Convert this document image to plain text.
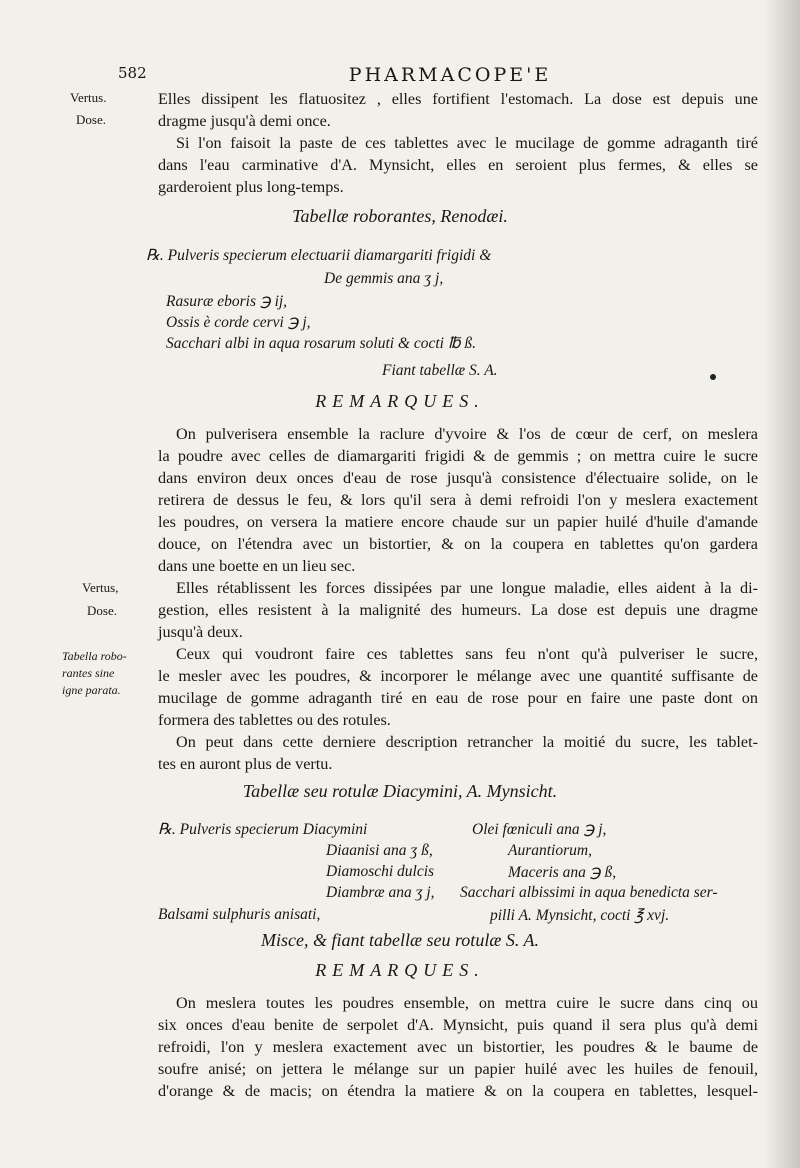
582	PHARMACOPE'E
Vertus.
Dose.
Vertus,
Dose.
Tabella robo-
rantes sine
igne parata.
Elles dissipent les flatuositez , elles fortifient l'estomach. La dose est depuis une
dragme jusqu'à demi once.
Si l'on faisoit la paste de ces tablettes avec le mucilage de gomme adraganth tiré
dans l'eau carminative d'A. Mynsicht, elles en seroient plus fermes, & elles se
garderoient plus long-temps.
Tabellæ roborantes, Renodæi.
℞. Pulveris specierum electuarii diamargariti frigidi &
De gemmis ana ʒ j,
Rasuræ eboris ℈ ij,
Ossis è corde cervi ℈ j,
Sacchari albi in aqua rosarum soluti & cocti ℔ ß.
Fiant tabellæ S. A.
REMARQUES.
On pulverisera ensemble la raclure d'yvoire & l'os de cœur de cerf, on meslera
la poudre avec celles de diamargariti frigidi & de gemmis ; on mettra cuire le sucre
dans environ deux onces d'eau de rose jusqu'à consistence d'électuaire solide, on le
retirera de dessus le feu, & lors qu'il sera à demi refroidi l'on y meslera exactement
les poudres, on versera la matiere encore chaude sur un papier huilé d'huile d'amande
douce, on l'étendra avec un bistortier, & on la coupera en tablettes qu'on gardera
dans une boette en un lieu sec.
Elles rétablissent les forces dissipées par une longue maladie, elles aident à la di-
gestion, elles resistent à la malignité des humeurs. La dose est depuis une dragme
jusqu'à deux.
Ceux qui voudront faire ces tablettes sans feu n'ont qu'à pulveriser le sucre,
le mesler avec les poudres, & incorporer le mélange avec une quantité suffisante de
mucilage de gomme adraganth tiré en eau de rose pour en faire une paste dont on
formera des tablettes ou des rotules.
On peut dans cette derniere description retrancher la moitié du sucre, les tablet-
tes en auront plus de vertu.
Tabellæ seu rotulæ Diacymini, A. Mynsicht.
℞. Pulveris specierum Diacymini
Diaanisi ana ʒ ß,
Diamoschi dulcis
Diambræ ana ʒ j,
Balsami sulphuris anisati,
Olei fœniculi ana ℈ j,
Aurantiorum,
Maceris ana ℈ ß,
Sacchari albissimi in aqua benedicta ser-
pilli A. Mynsicht, cocti ℥ xvj.
Misce, & fiant tabellæ seu rotulæ S. A.
REMARQUES.
On meslera toutes les poudres ensemble, on mettra cuire le sucre dans cinq ou
six onces d'eau benite de serpolet d'A. Mynsicht, puis quand il sera plus qu'à demi
refroidi, l'on y meslera exactement avec un bistortier, les poudres & le baume de
soufre anisé; on jettera le mélange sur un papier huilé avec les huiles de fenouil,
d'orange & de macis; on étendra la matiere & on la coupera en tablettes, lesquel-
